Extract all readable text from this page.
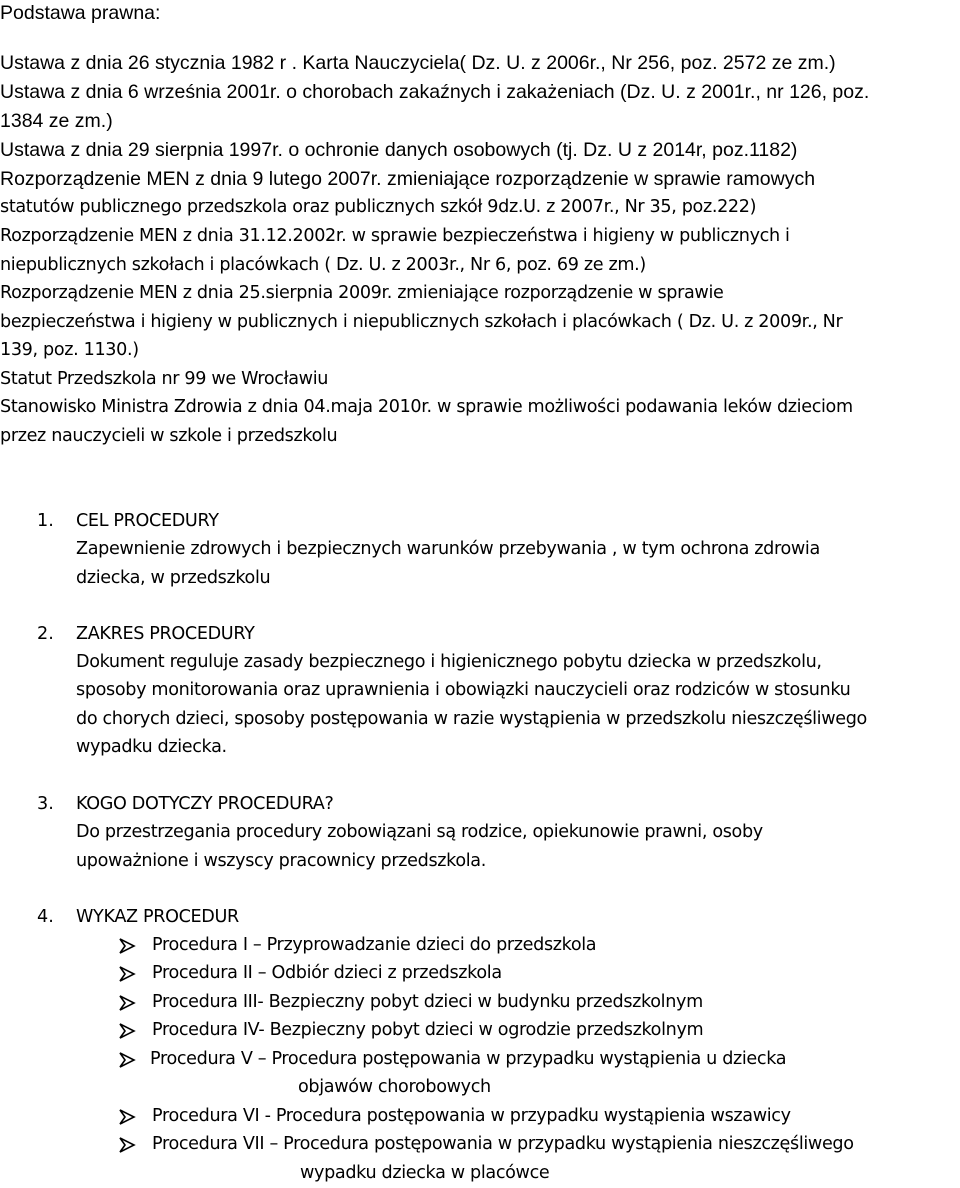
Podstawa prawna:
Ustawa z dnia 26 stycznia 1982 r . Karta Nauczyciela( Dz. U. z 2006r., Nr 256, poz. 2572 ze zm.)
Ustawa z dnia 6 września 2001r. o chorobach zakaźnych i zakażeniach (Dz. U. z 2001r., nr 126, poz.
1384 ze zm.)
Ustawa z dnia 29 sierpnia 1997r. o ochronie danych osobowych (tj. Dz. U z 2014r, poz.1182)
Rozporządzenie MEN z dnia 9 lutego 2007r. zmieniające rozporządzenie w sprawie ramowych
statutów publicznego przedszkola oraz publicznych szkół 9dz.U. z 2007r., Nr 35, poz.222)
Rozporządzenie MEN z dnia 31.12.2002r. w sprawie bezpieczeństwa i higieny w publicznych i
niepublicznych szkołach i placówkach ( Dz. U. z 2003r., Nr 6, poz. 69 ze zm.)
Rozporządzenie MEN z dnia 25.sierpnia 2009r. zmieniające rozporządzenie w sprawie
bezpieczeństwa i higieny w publicznych i niepublicznych szkołach i placówkach ( Dz. U. z 2009r., Nr
139, poz. 1130.)
Statut Przedszkola nr 99 we Wrocławiu
Stanowisko Ministra Zdrowia z dnia 04.maja 2010r. w sprawie możliwości podawania leków dzieciom
przez nauczycieli w szkole i przedszkolu
1. CEL PROCEDURY
Zapewnienie zdrowych i bezpiecznych warunków przebywania , w tym ochrona zdrowia
dziecka, w przedszkolu
2. ZAKRES PROCEDURY
Dokument reguluje zasady bezpiecznego i higienicznego pobytu dziecka w przedszkolu,
sposoby monitorowania oraz uprawnienia i obowiązki nauczycieli oraz rodziców w stosunku
do chorych dzieci, sposoby postępowania w razie wystąpienia w przedszkolu nieszczęśliwego
wypadku dziecka.
3. KOGO DOTYCZY PROCEDURA?
Do przestrzegania procedury zobowiązani są rodzice, opiekunowie prawni, osoby
upoważnione i wszyscy pracownicy przedszkola.
4. WYKAZ PROCEDUR
Procedura I – Przyprowadzanie dzieci do przedszkola
Procedura II – Odbiór dzieci z przedszkola
Procedura III- Bezpieczny pobyt dzieci w budynku przedszkolnym
Procedura IV- Bezpieczny pobyt dzieci w ogrodzie przedszkolnym
Procedura V – Procedura postępowania w przypadku wystąpienia u dziecka
objawów chorobowych
Procedura VI - Procedura postępowania w przypadku wystąpienia wszawicy
Procedura VII – Procedura postępowania w przypadku wystąpienia nieszczęśliwego
wypadku dziecka w placówce
